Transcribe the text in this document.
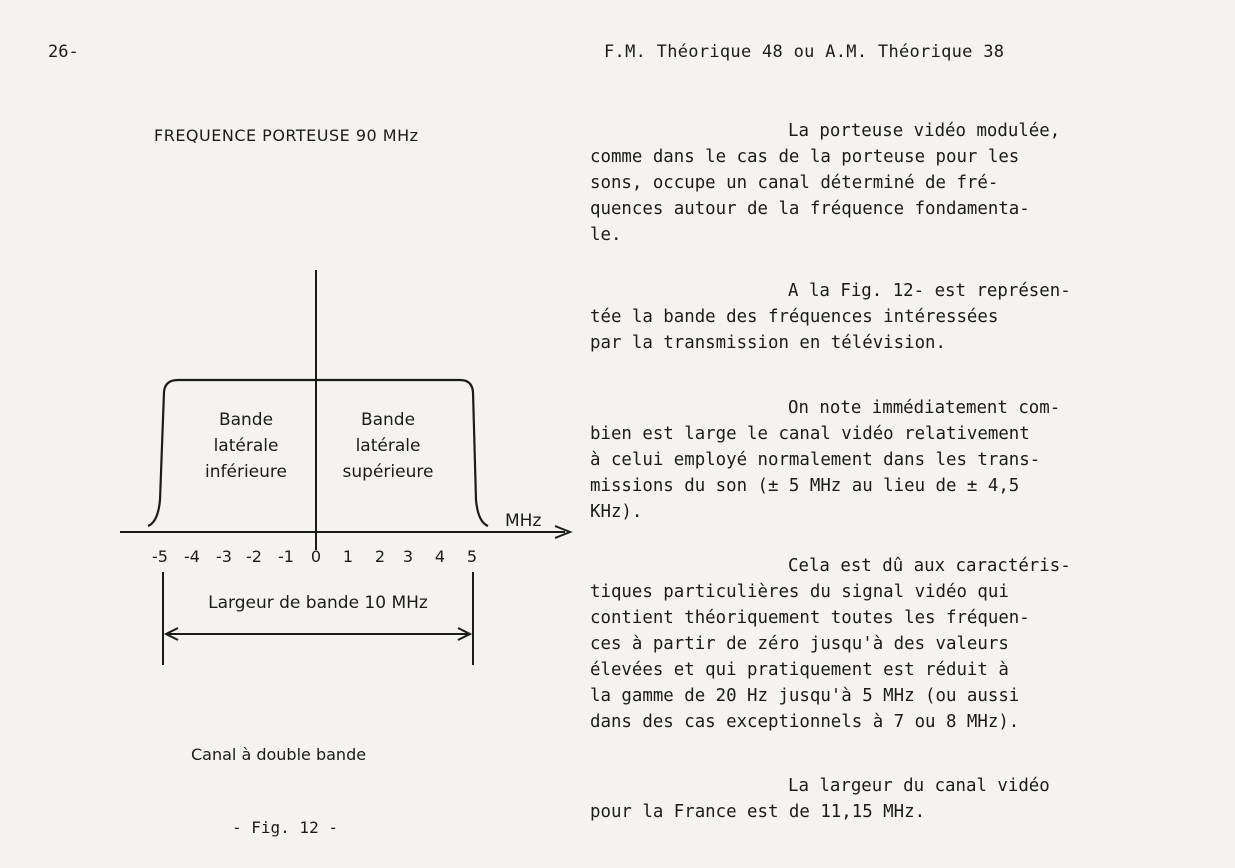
26-	F.M. Théorique 48 ou A.M. Théorique 38
FREQUENCE PORTEUSE 90 MHz
Bande
latérale
inférieure
Bande
latérale
supérieure
MHz
-5 -4 -3 -2 -1 0 1 2 3 4 5
Largeur de bande 10 MHz
Canal à double bande
- Fig. 12 -
La porteuse vidéo modulée,
comme dans le cas de la porteuse pour les
sons, occupe un canal déterminé de fré-
quences autour de la fréquence fondamenta-
le.
A la Fig. 12- est représen-
tée la bande des fréquences intéressées
par la transmission en télévision.
On note immédiatement com-
bien est large le canal vidéo relativement
à celui employé normalement dans les trans-
missions du son (± 5 MHz au lieu de ± 4,5
KHz).
Cela est dû aux caractéris-
tiques particulières du signal vidéo qui
contient théoriquement toutes les fréquen-
ces à partir de zéro jusqu'à des valeurs
élevées et qui pratiquement est réduit à
la gamme de 20 Hz jusqu'à 5 MHz (ou aussi
dans des cas exceptionnels à 7 ou 8 MHz).
La largeur du canal vidéo
pour la France est de 11,15 MHz.
